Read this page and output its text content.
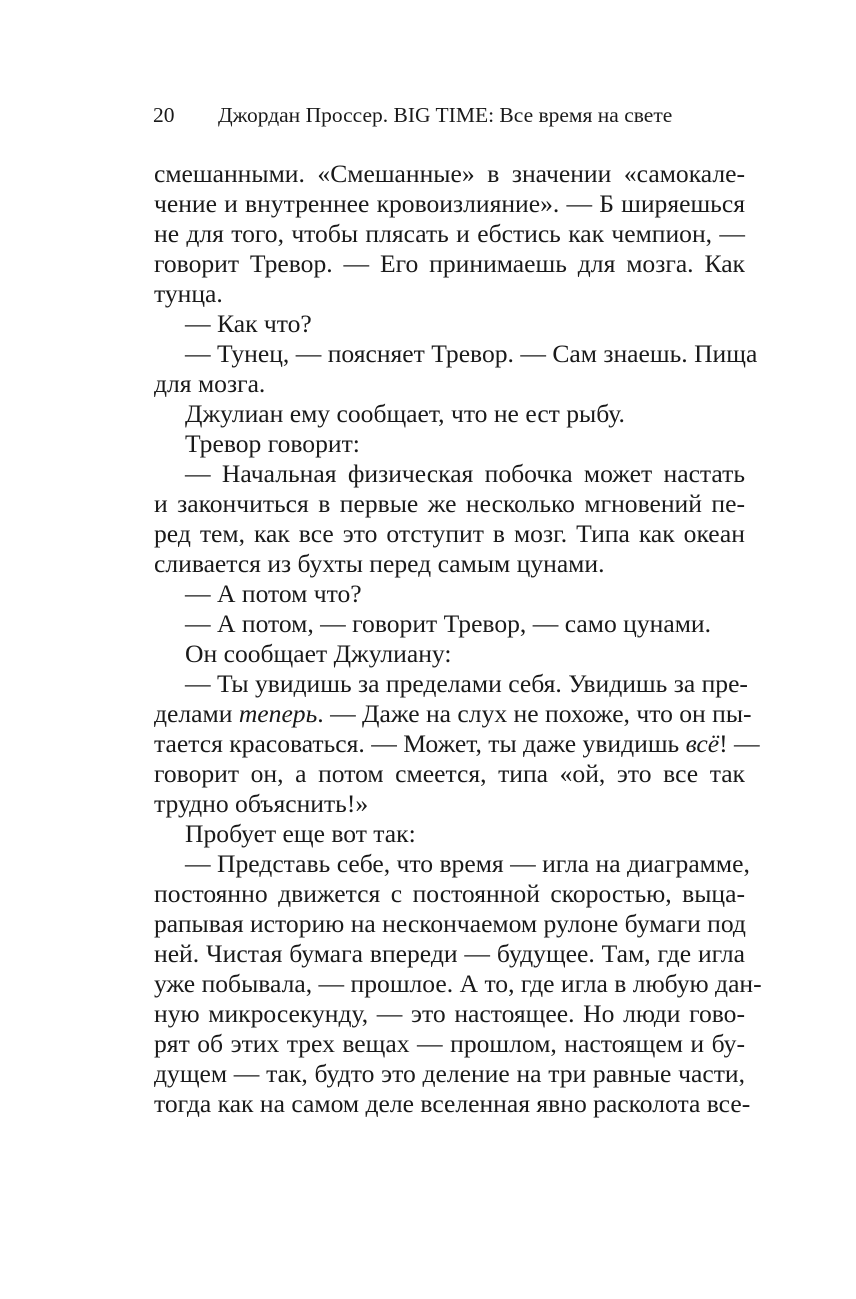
20 Джордан Проссер. BIG TIME: Все время на свете
смешанными. «Смешанные» в значении «самокале-
чение и внутреннее кровоизлияние». — Б ширяешься
не для того, чтобы плясать и ебстись как чемпион, —
говорит Тревор. — Его принимаешь для мозга. Как
тунца.
— Как что?
— Тунец, — поясняет Тревор. — Сам знаешь. Пища
для мозга.
Джулиан ему сообщает, что не ест рыбу.
Тревор говорит:
— Начальная физическая побочка может настать
и закончиться в первые же несколько мгновений пе-
ред тем, как все это отступит в мозг. Типа как океан
сливается из бухты перед самым цунами.
— А потом что?
— А потом, — говорит Тревор, — само цунами.
Он сообщает Джулиану:
— Ты увидишь за пределами себя. Увидишь за пре-
делами теперь. — Даже на слух не похоже, что он пы-
тается красоваться. — Может, ты даже увидишь всё! —
говорит он, а потом смеется, типа «ой, это все так
трудно объяснить!»
Пробует еще вот так:
— Представь себе, что время — игла на диаграмме,
постоянно движется с постоянной скоростью, выца-
рапывая историю на нескончаемом рулоне бумаги под
ней. Чистая бумага впереди — будущее. Там, где игла
уже побывала, — прошлое. А то, где игла в любую дан-
ную микросекунду, — это настоящее. Но люди гово-
рят об этих трех вещах — прошлом, настоящем и бу-
дущем — так, будто это деление на три равные части,
тогда как на самом деле вселенная явно расколота все-
